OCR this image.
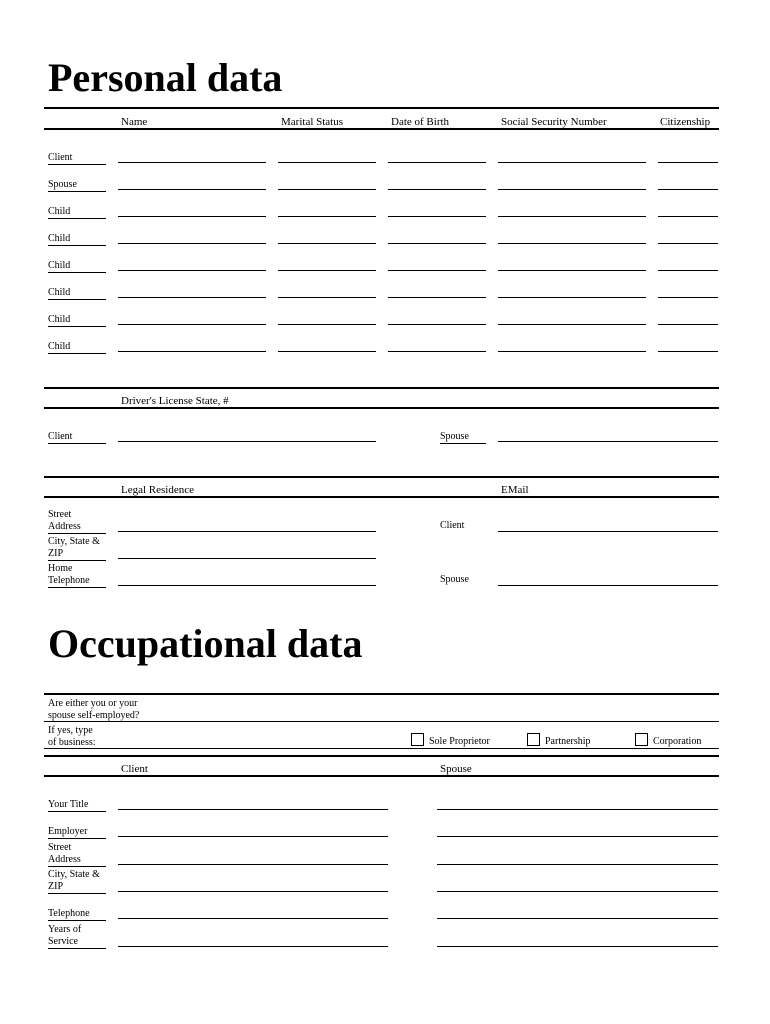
Personal data
Name	Marital Status	Date of Birth	Social Security Number	Citizenship
Client
Spouse
Child
Child
Child
Child
Child
Child
Driver's License State, #
Client	Spouse
Legal Residence	EMail
Street
Address	Client
City, State &
ZIP
Home
Telephone	Spouse
Occupational data
Are either you or your
spouse self-employed?
If yes, type
of business:	Sole Proprietor	Partnership	Corporation
Client	Spouse
Your Title
Employer
Street
Address
City, State &
ZIP
Telephone
Years of
Service
